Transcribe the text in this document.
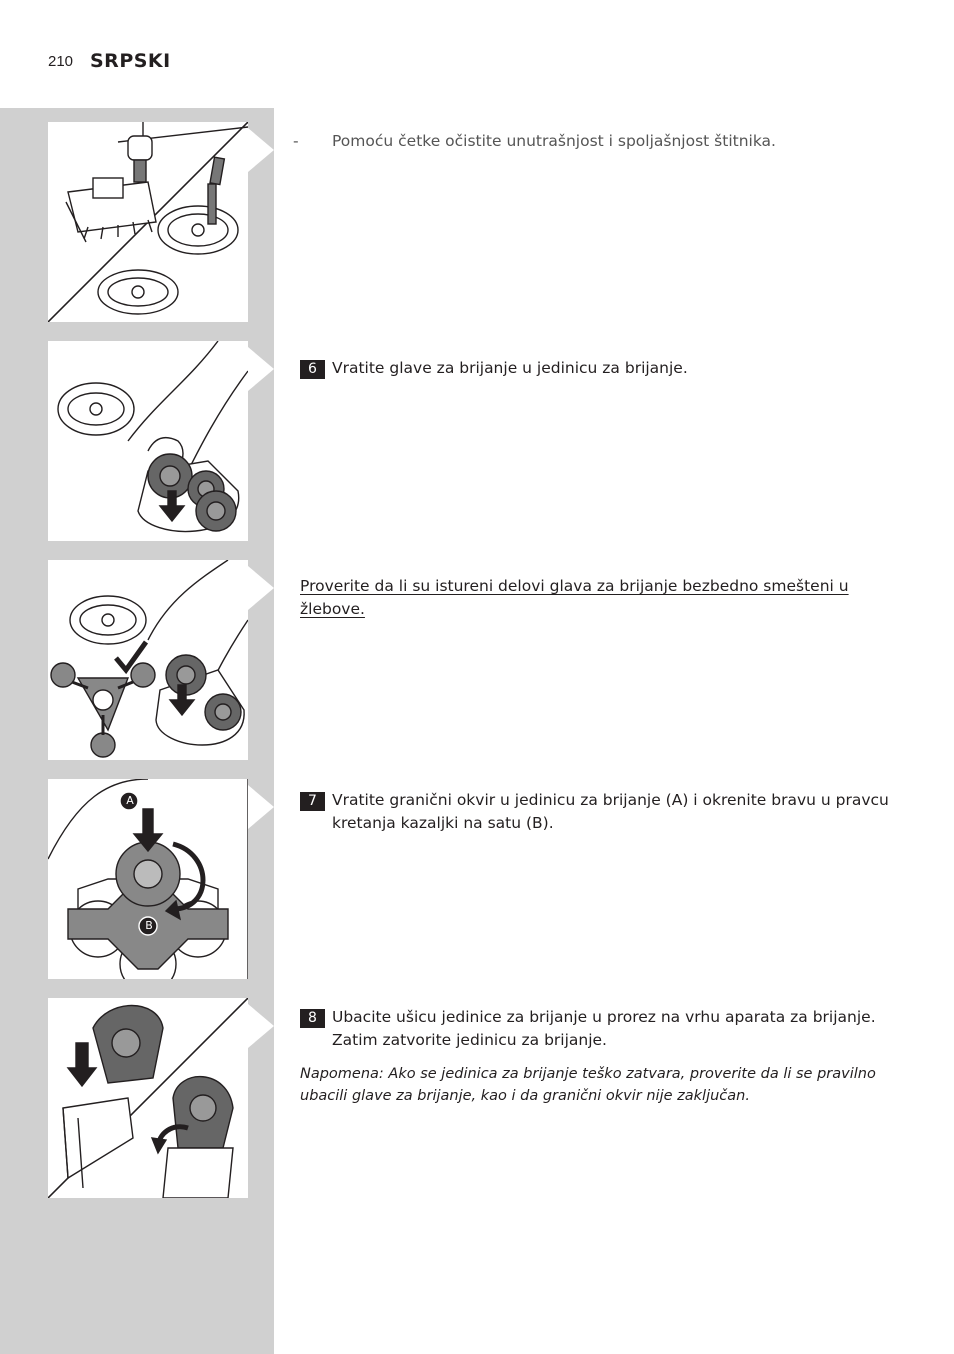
210 SRPSKI
A
B
- Pomoću četke očistite unutrašnjost i spoljašnjost štitnika.
6 Vratite glave za brijanje u jedinicu za brijanje.
Proverite da li su istureni delovi glava za brijanje bezbedno smešteni u žlebove.
7 Vratite granični okvir u jedinicu za brijanje (A) i okrenite bravu u pravcu kretanja kazaljki na satu (B).
8 Ubacite ušicu jedinice za brijanje u prorez na vrhu aparata za brijanje. Zatim zatvorite jedinicu za brijanje.
Napomena: Ako se jedinica za brijanje teško zatvara, proverite da li se pravilno ubacili glave za brijanje, kao i da granični okvir nije zaključan.
